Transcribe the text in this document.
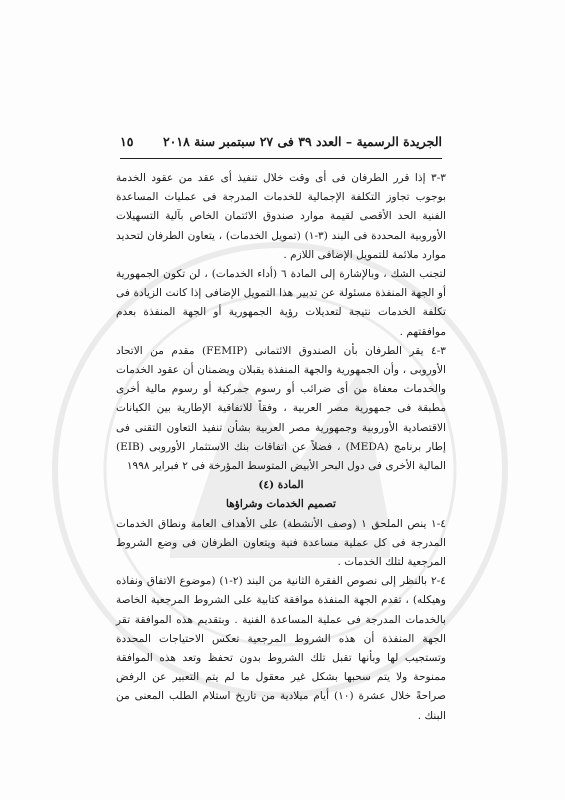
الجريدة الرسمية – العدد ٣٩ فى ٢٧ سبتمبر سنة ٢٠١٨
١٥

٣-٣ إذا قرر الطرفان فى أى وقت خلال تنفيذ أى عقد من عقود الخدمة بوجوب تجاوز التكلفة الإجمالية للخدمات المدرجة فى عمليات المساعدة الفنية الحد الأقصى لقيمة موارد صندوق الائتمان الخاص بآلية التسهيلات الأوروبية المحددة فى البند (٣-١) (تمويل الخدمات) ، يتعاون الطرفان لتحديد موارد ملائمة للتمويل الإضافى اللازم .

لتجنب الشك ، وبالإشارة إلى المادة ٦ (أداء الخدمات) ، لن تكون الجمهورية أو الجهة المنفذة مسئولة عن تدبير هذا التمويل الإضافى إذا كانت الزيادة فى تكلفة الخدمات نتيجة لتعديلات رؤية الجمهورية أو الجهة المنفذة بعدم موافقتهم .

٣-٤ يقر الطرفان بأن الصندوق الائتمانى (FEMIP) مقدم من الاتحاد الأوروبى ، وأن الجمهورية والجهة المنفذة يقبلان ويضمنان أن عقود الخدمات والخدمات معفاة من أى ضرائب أو رسوم جمركية أو رسوم مالية أخرى مطبقة فى جمهورية مصر العربية ، وفقاً للاتفاقية الإطارية بين الكيانات الاقتصادية الأوروبية وجمهورية مصر العربية بشأن تنفيذ التعاون التقنى فى إطار برنامج (MEDA) ، فضلاً عن اتفاقات بنك الاستثمار الأوروبى (EIB) المالية الأخرى فى دول البحر الأبيض المتوسط المؤرخة فى ٢ فبراير ١٩٩٨

المادة (٤)

تصميم الخدمات وشراؤها

٤-١ ينص الملحق ١ (وصف الأنشطة) على الأهداف العامة ونطاق الخدمات المدرجة فى كل عملية مساعدة فنية ويتعاون الطرفان فى وضع الشروط المرجعية لتلك الخدمات .

٤-٢ بالنظر إلى نصوص الفقرة الثانية من البند (٢-١) (موضوع الاتفاق ونفاذه وهيكله) ، تقدم الجهة المنفذة موافقة كتابية على الشروط المرجعية الخاصة بالخدمات المدرجة فى عملية المساعدة الفنية . وبتقديم هذه الموافقة تقر الجهة المنفذة أن هذه الشروط المرجعية تعكس الاحتياجات المحددة وتستجيب لها وبأنها تقبل تلك الشروط بدون تحفظ وتعد هذه الموافقة ممنوحة ولا يتم سحبها بشكل غير معقول ما لم يتم التعبير عن الرفض صراحةً خلال عشرة (١٠) أيام ميلادية من تاريخ استلام الطلب المعنى من البنك .
